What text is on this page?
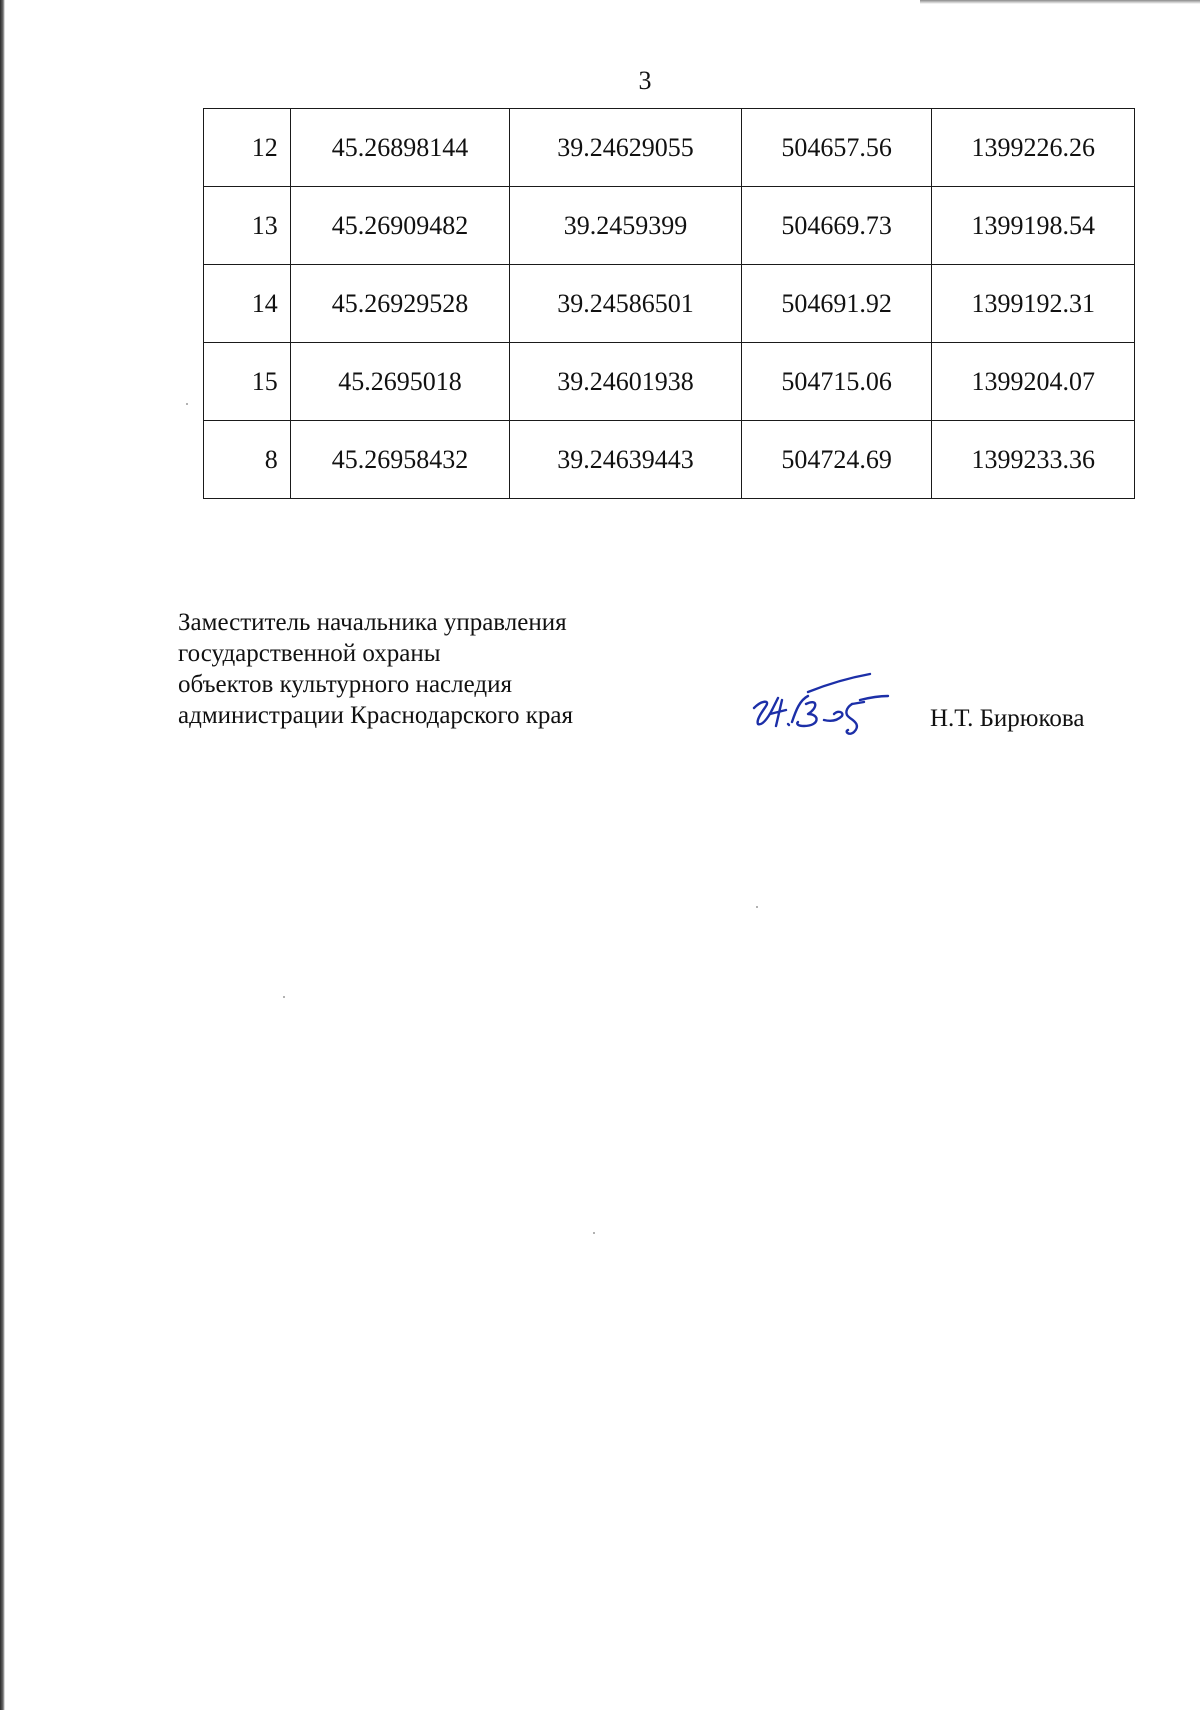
3
12	45.26898144	39.24629055	504657.56	1399226.26
13	45.26909482	39.2459399	504669.73	1399198.54
14	45.26929528	39.24586501	504691.92	1399192.31
15	45.2695018	39.24601938	504715.06	1399204.07
8	45.26958432	39.24639443	504724.69	1399233.36
Заместитель начальника управления
государственной охраны
объектов культурного наследия
администрации Краснодарского края	Н.Т. Бирюкова
